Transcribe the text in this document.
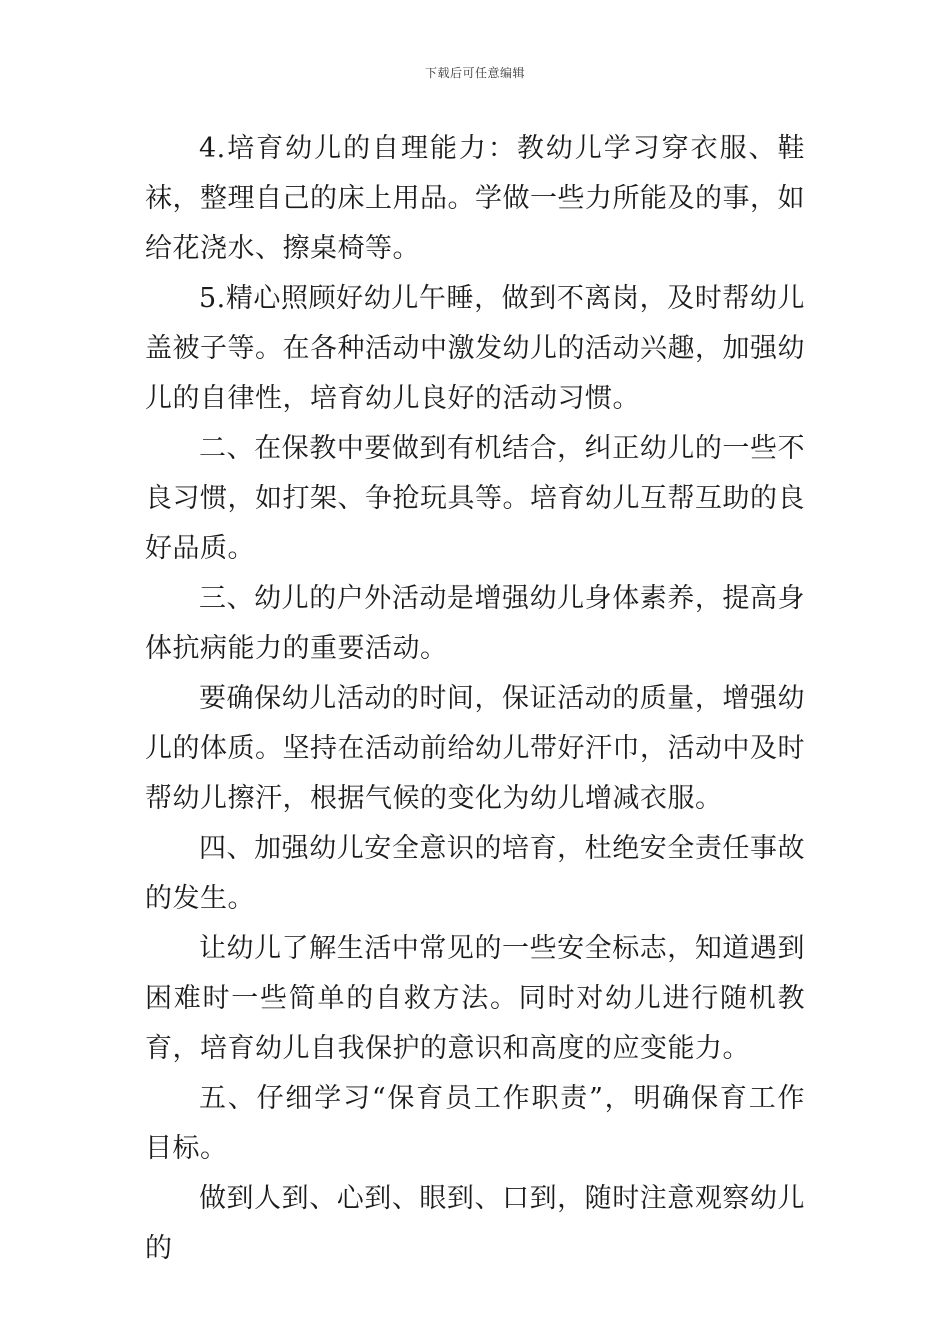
下载后可任意编辑

4.培育幼儿的自理能力：教幼儿学习穿衣服、鞋袜，整理自己的床上用品。学做一些力所能及的事，如给花浇水、擦桌椅等。

5.精心照顾好幼儿午睡，做到不离岗，及时帮幼儿盖被子等。在各种活动中激发幼儿的活动兴趣，加强幼儿的自律性，培育幼儿良好的活动习惯。

二、在保教中要做到有机结合，纠正幼儿的一些不良习惯，如打架、争抢玩具等。培育幼儿互帮互助的良好品质。

三、幼儿的户外活动是增强幼儿身体素养，提高身体抗病能力的重要活动。

要确保幼儿活动的时间，保证活动的质量，增强幼儿的体质。坚持在活动前给幼儿带好汗巾，活动中及时帮幼儿擦汗，根据气候的变化为幼儿增减衣服。

四、加强幼儿安全意识的培育，杜绝安全责任事故的发生。

让幼儿了解生活中常见的一些安全标志，知道遇到困难时一些简单的自救方法。同时对幼儿进行随机教育，培育幼儿自我保护的意识和高度的应变能力。

五、仔细学习“保育员工作职责”，明确保育工作目标。

做到人到、心到、眼到、口到，随时注意观察幼儿的
